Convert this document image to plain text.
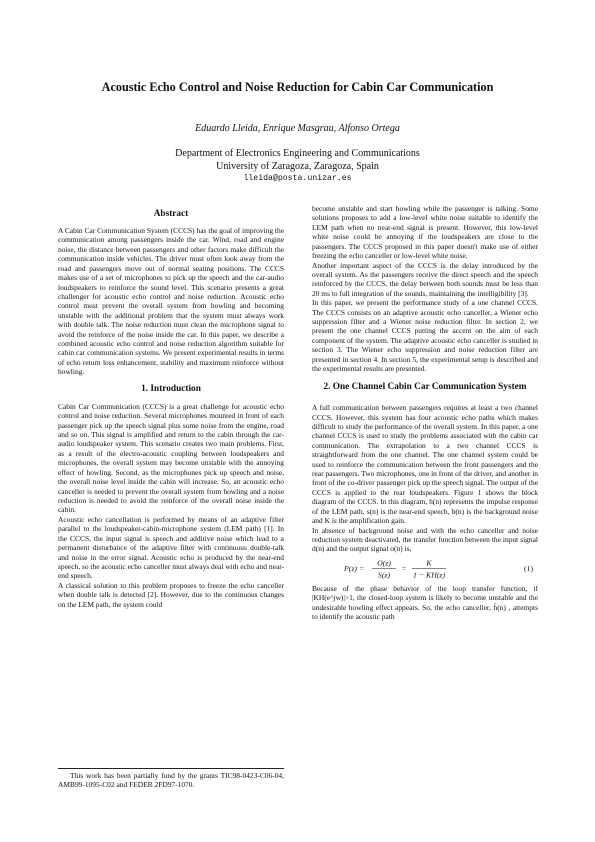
Acoustic Echo Control and Noise Reduction for Cabin Car Communication
Eduardo Lleida, Enrique Masgrau, Alfonso Ortega
Department of Electronics Engineering and Communications
University of Zaragoza, Zaragoza, Spain
lleida@posta.unizar.es
Abstract

A Cabin Car Communication System (CCCS) has the goal of improving the communication among passengers inside the car. Wind, road and engine noise, the distance between passengers and other factors make difficult the communication inside vehicles. The driver must often look away from the road and passengers move out of normal seating positions. The CCCS makes use of a set of microphones to pick up the speech and the car-audio loudspeakers to reinforce the sound level. This scenario presents a great challenger for acoustic echo control and noise reduction. Acoustic echo control must prevent the overall system from howling and becoming unstable with the additional problem that the system must always work with double talk. The noise reduction must clean the microphone signal to avoid the reinforce of the noise inside the car. In this paper, we describe a combined acoustic echo control and noise reduction algorithm suitable for cabin car communication systems. We present experimental results in terms of echo return loss enhancement, stability and maximum reinforce without howling.

1. Introduction

Cabin Car Communication (CCCS) is a great challenge for acoustic echo control and noise reduction. Several microphones mounted in front of each passenger pick up the speech signal plus some noise from the engine, road and so on. This signal is amplified and return to the cabin through the car-audio loudspeaker system. This scenario creates two main problems. First, as a result of the electro-acoustic coupling between loudspeakers and microphones, the overall system may become unstable with the annoying effect of howling. Second, as the microphones pick up speech and noise, the overall noise level inside the cabin will increase. So, an acoustic echo canceller is needed to prevent the overall system from howling and a noise reduction is needed to avoid the reinforce of the overall noise inside the cabin.

Acoustic echo cancellation is performed by means of an adaptive filter parallel to the loudspeaker-cabin-microphone system (LEM path) [1]. In the CCCS, the input signal is speech and additive noise which lead to a permanent disturbance of the adaptive filter with continuous double-talk and noise in the error signal. Acoustic echo is produced by the near-end speech, so the acoustic echo canceller must always deal with echo and near-end speech.

A classical solution to this problem proposes to freeze the echo canceller when double talk is detected [2]. However, due to the continuous changes on the LEM path, the system could

This work has been partially fund by the grants TIC98-0423-C06-04, AMB99-1095-C02 and FEDER 2FD97-1070.

become unstable and start howling while the passenger is talking. Some solutions proposes to add a low-level white noise suitable to identify the LEM path when no near-end signal is present. However, this low-level white noise could be annoying if the loudspeakers are close to the passengers. The CCCS proposed in this paper doesn't make use of either freezing the echo canceller or low-level white noise.

Another important aspect of the CCCS is the delay introduced by the overall system. As the passengers receive the direct speech and the speech reinforced by the CCCS, the delay between both sounds must be less than 20 ms to full integration of the sounds, maintaining the intelligibility [3].

In this paper, we present the performance study of a one channel CCCS. The CCCS consists on an adaptive acoustic echo canceller, a Wiener echo suppression filter and a Wiener noise reduction filter. In section 2, we present the one channel CCCS putting the accent on the aim of each component of the system. The adaptive acoustic echo canceller is studied in section 3. The Wiener echo suppression and noise reduction filter are presented in section 4. In section 5, the experimental setup is described and the experimental results are presented.

2. One Channel Cabin Car Communication System

A full communication between passengers requires at least a two channel CCCS. However, this system has four acoustic echo paths which makes difficult to study the performance of the overall system. In this paper, a one channel CCCS is used to study the problems associated with the cabin car communication. The extrapolation to a two channel CCCS is straightforward from the one channel. The one channel system could be used to reinforce the communication between the front passengers and the rear passengers. Two microphones, one in front of the driver, and another in front of the co-driver passenger pick up the speech signal. The output of the CCCS is applied to the rear loudspeakers. Figure 1 shows the block diagram of the CCCS. In this diagram, h(n) represents the impulse response of the LEM path, s(n) is the near-end speech, b(n) is the background noise and K is the amplification gain.

In absence of background noise and with the echo canceller and noise reduction system deactivated, the transfer function between the input signal d(n) and the output signal o(n) is,

P(z) =
O(z)
S(z)
=
K
1 − KH(z)
(1)

Because of the phase behavior of the loop transfer function, if |KH(e^jw)|>1, the closed-loop system is likely to become unstable and the undesirable howling effect appears. So, the echo canceller, ĥ(n) , attempts to identify the acoustic path
